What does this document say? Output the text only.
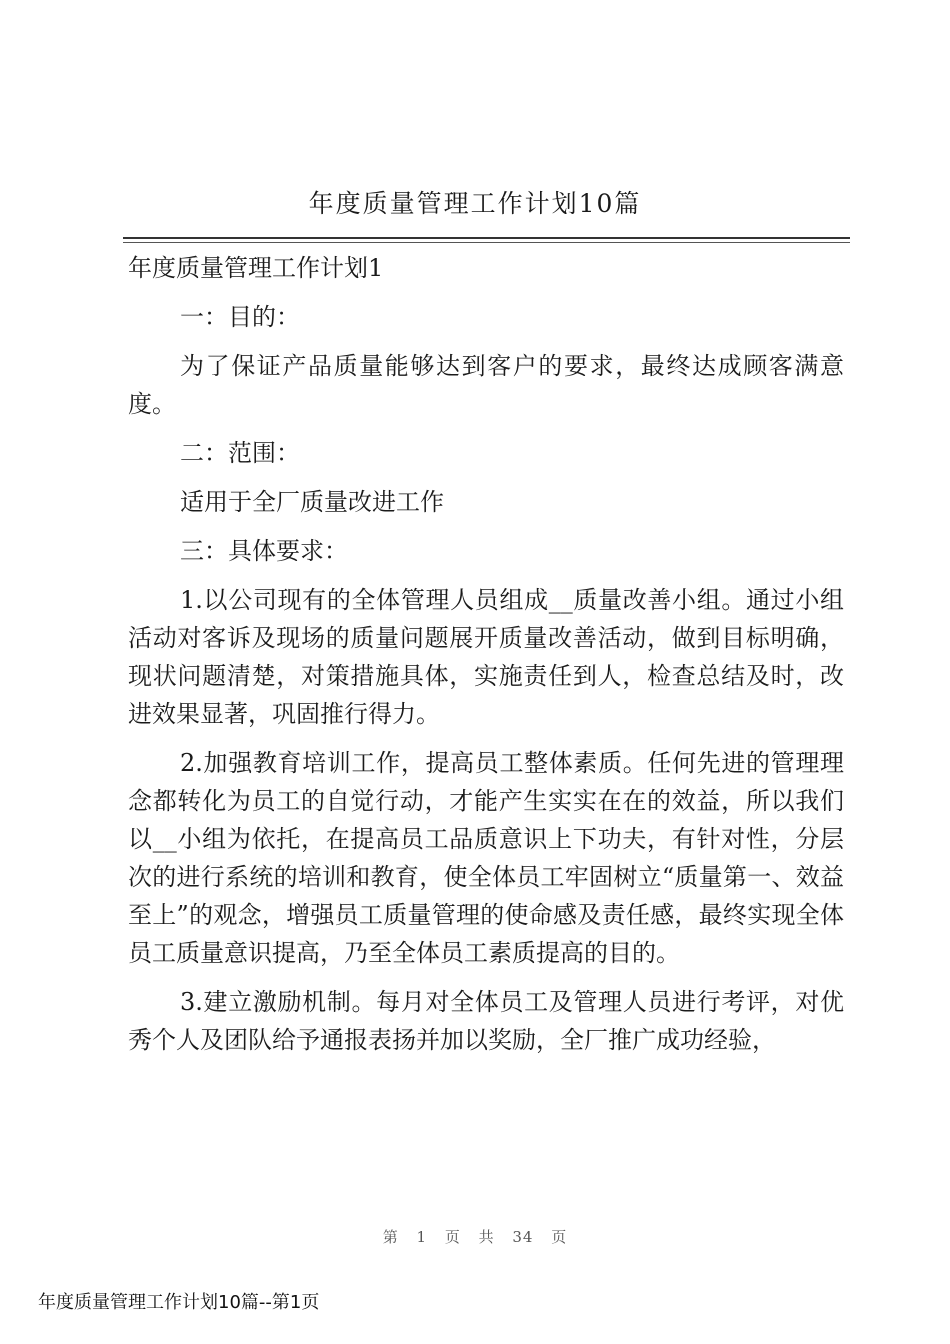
年度质量管理工作计划10篇

年度质量管理工作计划1

一：目的：

为了保证产品质量能够达到客户的要求，最终达成顾客满意度。

二：范围：

适用于全厂质量改进工作

三：具体要求：

1.以公司现有的全体管理人员组成__质量改善小组。通过小组活动对客诉及现场的质量问题展开质量改善活动，做到目标明确，现状问题清楚，对策措施具体，实施责任到人，检查总结及时，改进效果显著，巩固推行得力。

2.加强教育培训工作，提高员工整体素质。任何先进的管理理念都转化为员工的自觉行动，才能产生实实在在的效益，所以我们以__小组为依托，在提高员工品质意识上下功夫，有针对性，分层次的进行系统的培训和教育，使全体员工牢固树立“质量第一、效益至上”的观念，增强员工质量管理的使命感及责任感，最终实现全体员工质量意识提高，乃至全体员工素质提高的目的。

3.建立激励机制。每月对全体员工及管理人员进行考评，对优秀个人及团队给予通报表扬并加以奖励，全厂推广成功经验，

第 1 页 共 34 页
年度质量管理工作计划10篇--第1页
